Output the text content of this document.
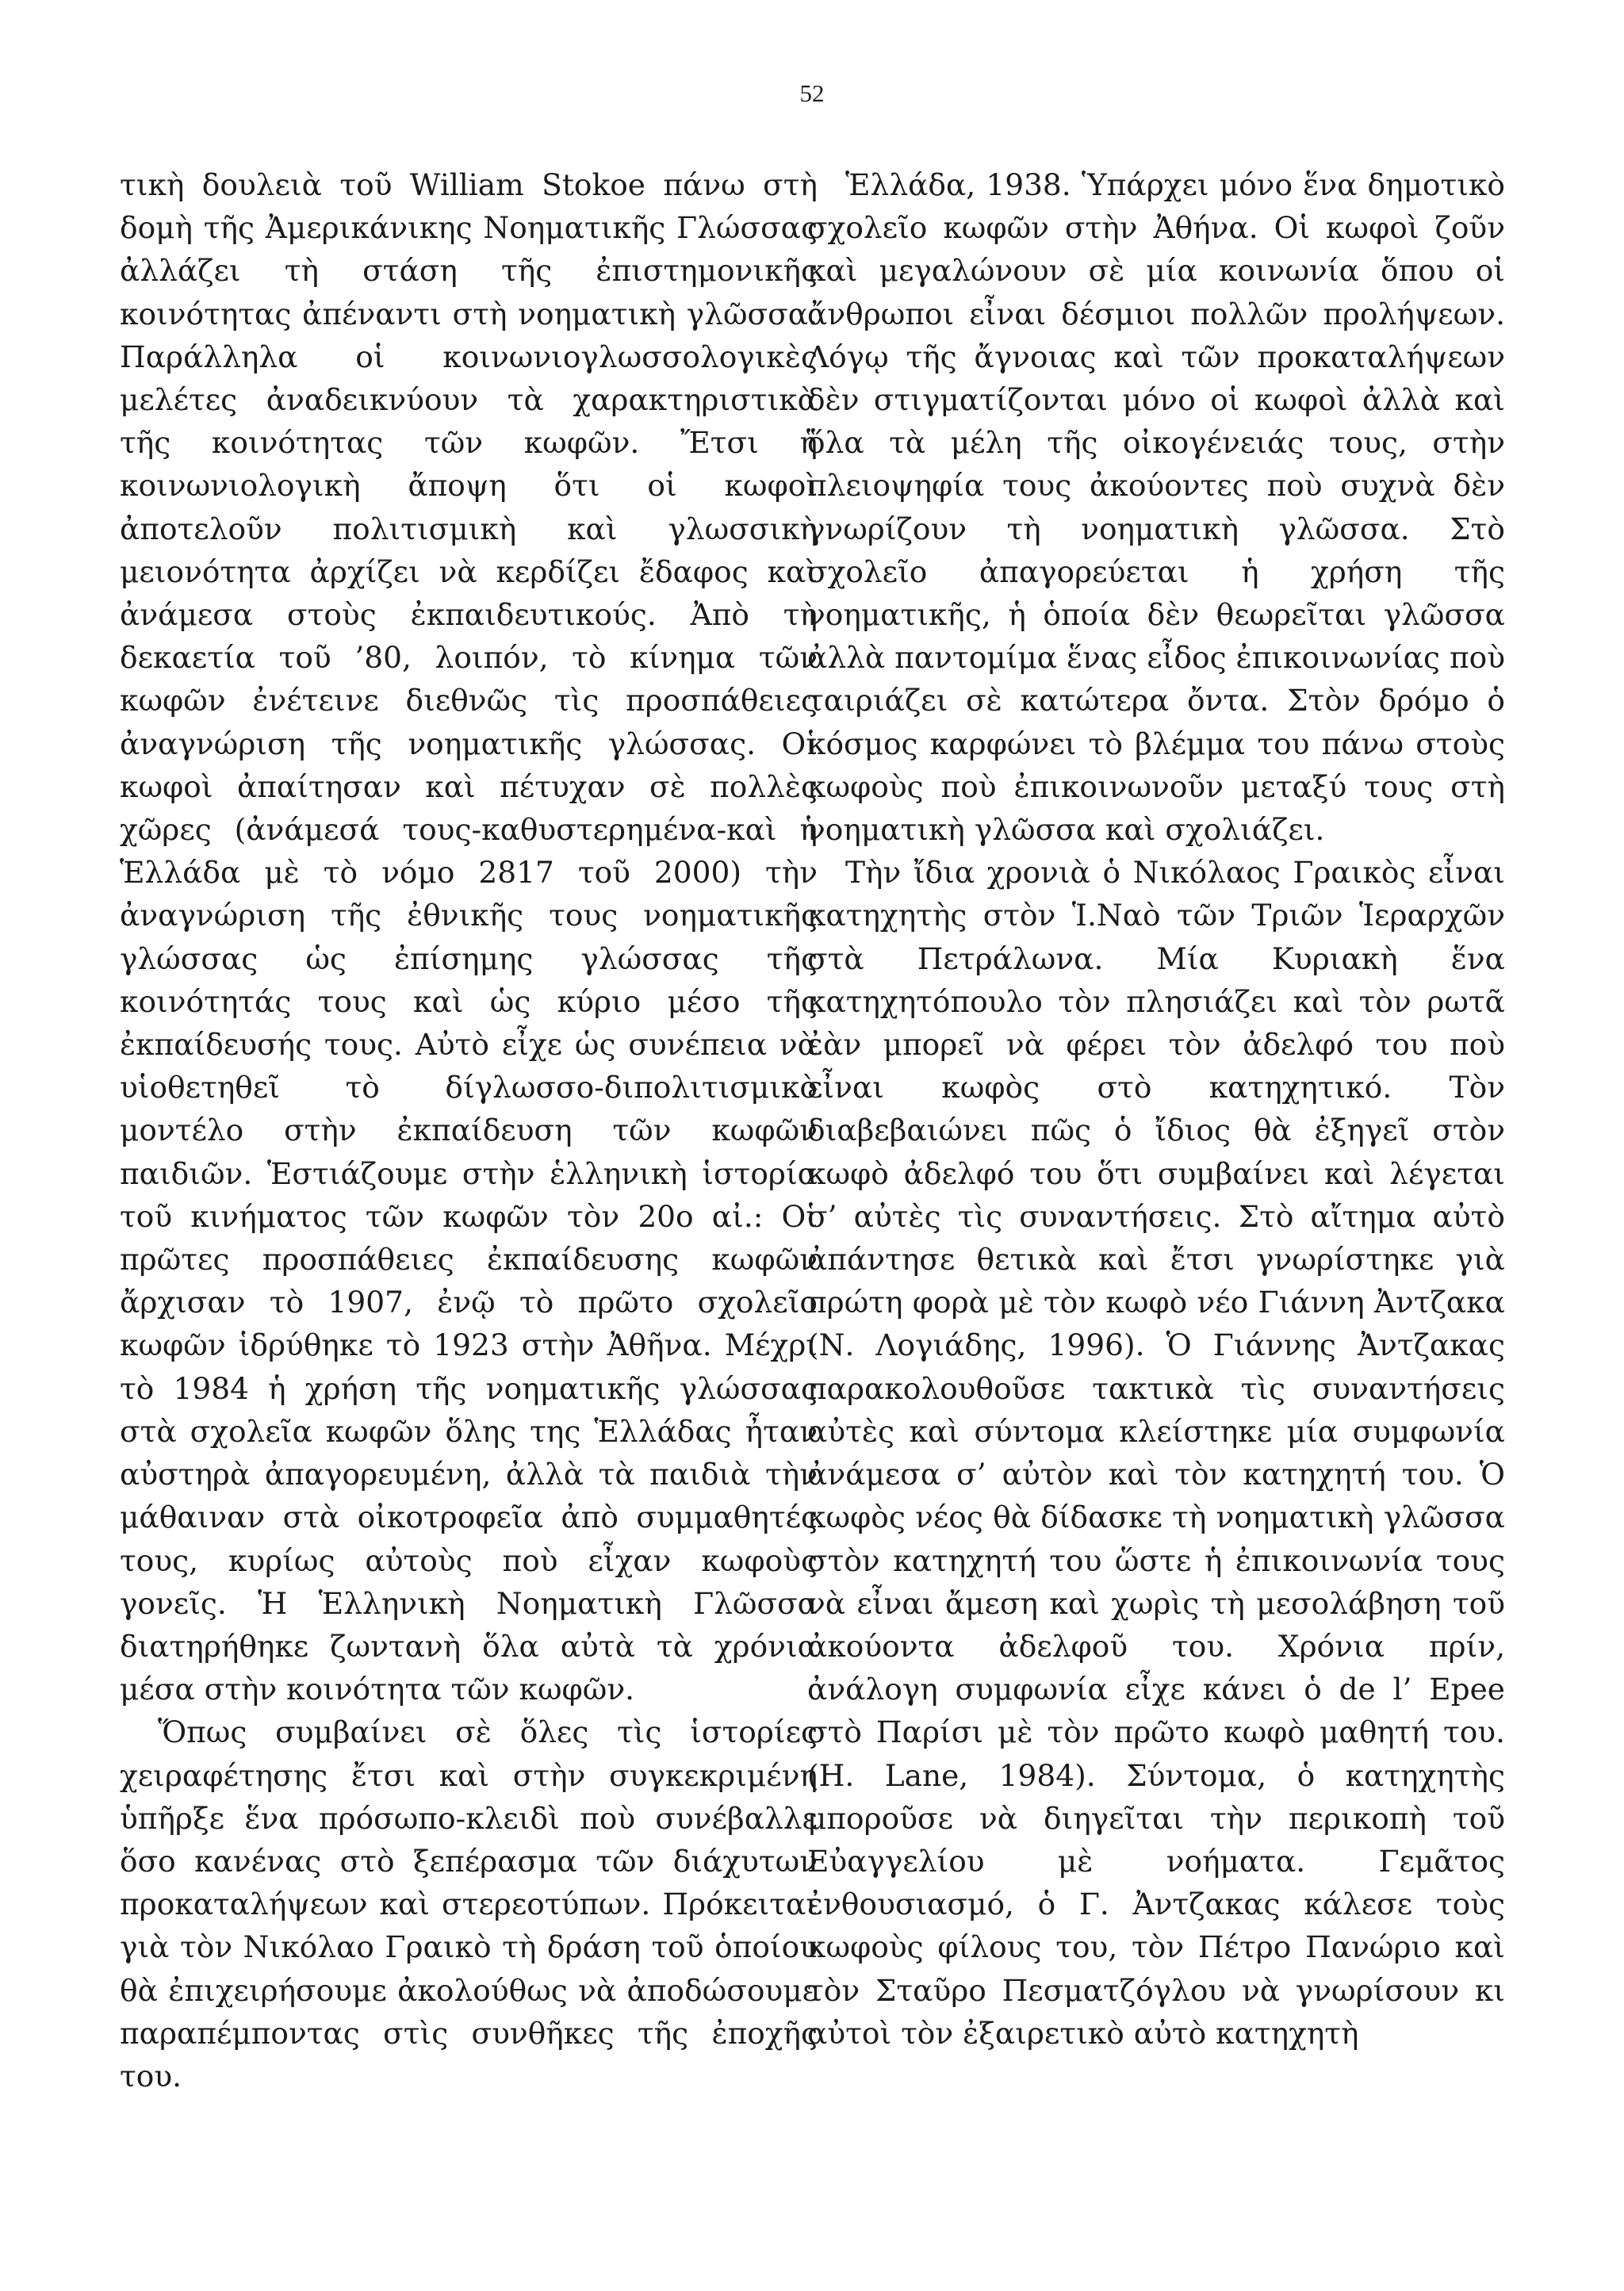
52

τικὴ δουλειὰ τοῦ William Stokoe πάνω στὴ δομὴ τῆς Ἀμερικάνικης Νοηματικῆς Γλώσσας ἀλλάζει τὴ στάση τῆς ἐπιστημονικῆς κοινότητας ἀπέναντι στὴ νοηματικὴ γλῶσσα. Παράλληλα οἱ κοινωνιογλωσσολογικὲς μελέτες ἀναδεικνύουν τὰ χαρακτηριστικὰ τῆς κοινότητας τῶν κωφῶν. Ἔτσι ἡ κοινωνιολογικὴ ἄποψη ὅτι οἱ κωφοὶ ἀποτελοῦν πολιτισμικὴ καὶ γλωσσικὴ μειονότητα ἀρχίζει νὰ κερδίζει ἔδαφος καὶ ἀνάμεσα στοὺς ἐκπαιδευτικούς. Ἀπὸ τὴ δεκαετία τοῦ ’80, λοιπόν, τὸ κίνημα τῶν κωφῶν ἐνέτεινε διεθνῶς τὶς προσπάθειες ἀναγνώριση τῆς νοηματικῆς γλώσσας. Οἱ κωφοὶ ἀπαίτησαν καὶ πέτυχαν σὲ πολλὲς χῶρες (ἀνάμεσά τους-καθυστερημένα-καὶ ἡ Ἑλλάδα μὲ τὸ νόμο 2817 τοῦ 2000) τὴν ἀναγνώριση τῆς ἐθνικῆς τους νοηματικῆς γλώσσας ὡς ἐπίσημης γλώσσας τῆς κοινότητάς τους καὶ ὡς κύριο μέσο τῆς ἐκπαίδευσής τους. Αὐτὸ εἶχε ὡς συνέπεια νὰ υἱοθετηθεῖ τὸ δίγλωσσο-διπολιτισμικὸ μοντέλο στὴν ἐκπαίδευση τῶν κωφῶν παιδιῶν. Ἑστιάζουμε στὴν ἑλληνικὴ ἱστορία τοῦ κινήματος τῶν κωφῶν τὸν 20ο αἰ.: Οἱ πρῶτες προσπάθειες ἐκπαίδευσης κωφῶν ἄρχισαν τὸ 1907, ἐνῷ τὸ πρῶτο σχολεῖο κωφῶν ἱδρύθηκε τὸ 1923 στὴν Ἀθῆνα. Μέχρι τὸ 1984 ἡ χρήση τῆς νοηματικῆς γλώσσας στὰ σχολεῖα κωφῶν ὅλης της Ἑλλάδας ἦταν αὐστηρὰ ἀπαγορευμένη, ἀλλὰ τὰ παιδιὰ τὴν μάθαιναν στὰ οἰκοτροφεῖα ἀπὸ συμμαθητές τους, κυρίως αὐτοὺς ποὺ εἶχαν κωφοὺς γονεῖς. Ἡ Ἑλληνικὴ Νοηματικὴ Γλῶσσα διατηρήθηκε ζωντανὴ ὅλα αὐτὰ τὰ χρόνια μέσα στὴν κοινότητα τῶν κωφῶν.

Ὅπως συμβαίνει σὲ ὅλες τὶς ἱστορίες χειραφέτησης ἔτσι καὶ στὴν συγκεκριμένη ὑπῆρξε ἕνα πρόσωπο-κλειδὶ ποὺ συνέβαλλε ὅσο κανένας στὸ ξεπέρασμα τῶν διάχυτων προκαταλήψεων καὶ στερεοτύπων. Πρόκειται γιὰ τὸν Νικόλαο Γραικὸ τὴ δράση τοῦ ὁποίου θὰ ἐπιχειρήσουμε ἀκολούθως νὰ ἀποδώσουμε παραπέμποντας στὶς συνθῆκες τῆς ἐποχῆς του.

Ἑλλάδα, 1938. Ὑπάρχει μόνο ἕνα δημοτικὸ σχολεῖο κωφῶν στὴν Ἀθήνα. Οἱ κωφοὶ ζοῦν καὶ μεγαλώνουν σὲ μία κοινωνία ὅπου οἱ ἄνθρωποι εἶναι δέσμιοι πολλῶν προλήψεων. Λόγῳ τῆς ἄγνοιας καὶ τῶν προκαταλήψεων δὲν στιγματίζονται μόνο οἱ κωφοὶ ἀλλὰ καὶ ὅλα τὰ μέλη τῆς οἰκογένειάς τους, στὴν πλειοψηφία τους ἀκούοντες ποὺ συχνὰ δὲν γνωρίζουν τὴ νοηματικὴ γλῶσσα. Στὸ σχολεῖο ἀπαγορεύεται ἡ χρήση τῆς νοηματικῆς, ἡ ὁποία δὲν θεωρεῖται γλῶσσα ἀλλὰ παντομίμα ἕνας εἶδος ἐπικοινωνίας ποὺ ταιριάζει σὲ κατώτερα ὄντα. Στὸν δρόμο ὁ κόσμος καρφώνει τὸ βλέμμα του πάνω στοὺς κωφοὺς ποὺ ἐπικοινωνοῦν μεταξύ τους στὴ νοηματικὴ γλῶσσα καὶ σχολιάζει.

Τὴν ἴδια χρονιὰ ὁ Νικόλαος Γραικὸς εἶναι κατηχητὴς στὸν Ἱ.Ναὸ τῶν Τριῶν Ἱεραρχῶν στὰ Πετράλωνα. Μία Κυριακὴ ἕνα κατηχητόπουλο τὸν πλησιάζει καὶ τὸν ρωτᾶ ἐὰν μπορεῖ νὰ φέρει τὸν ἀδελφό του ποὺ εἶναι κωφὸς στὸ κατηχητικό. Τὸν διαβεβαιώνει πῶς ὁ ἴδιος θὰ ἐξηγεῖ στὸν κωφὸ ἀδελφό του ὅτι συμβαίνει καὶ λέγεται σ’ αὐτὲς τὶς συναντήσεις. Στὸ αἴτημα αὐτὸ ἀπάντησε θετικὰ καὶ ἔτσι γνωρίστηκε γιὰ πρώτη φορὰ μὲ τὸν κωφὸ νέο Γιάννη Ἀντζακα (Ν. Λογιάδης, 1996). Ὁ Γιάννης Ἀντζακας παρακολουθοῦσε τακτικὰ τὶς συναντήσεις αὐτὲς καὶ σύντομα κλείστηκε μία συμφωνία ἀνάμεσα σ’ αὐτὸν καὶ τὸν κατηχητή του. Ὁ κωφὸς νέος θὰ δίδασκε τὴ νοηματικὴ γλῶσσα στὸν κατηχητή του ὥστε ἡ ἐπικοινωνία τους νὰ εἶναι ἄμεση καὶ χωρὶς τὴ μεσολάβηση τοῦ ἀκούοντα ἀδελφοῦ του. Χρόνια πρίν, ἀνάλογη συμφωνία εἶχε κάνει ὁ de l’ Epee στὸ Παρίσι μὲ τὸν πρῶτο κωφὸ μαθητή του. (H. Lane, 1984). Σύντομα, ὁ κατηχητὴς μποροῦσε νὰ διηγεῖται τὴν περικοπὴ τοῦ Εὐαγγελίου μὲ νοήματα. Γεμᾶτος ἐνθουσιασμό, ὁ Γ. Ἀντζακας κάλεσε τοὺς κωφοὺς φίλους του, τὸν Πέτρο Πανώριο καὶ τὸν Σταῦρο Πεσματζόγλου νὰ γνωρίσουν κι αὐτοὶ τὸν ἐξαιρετικὸ αὐτὸ κατηχητὴ
